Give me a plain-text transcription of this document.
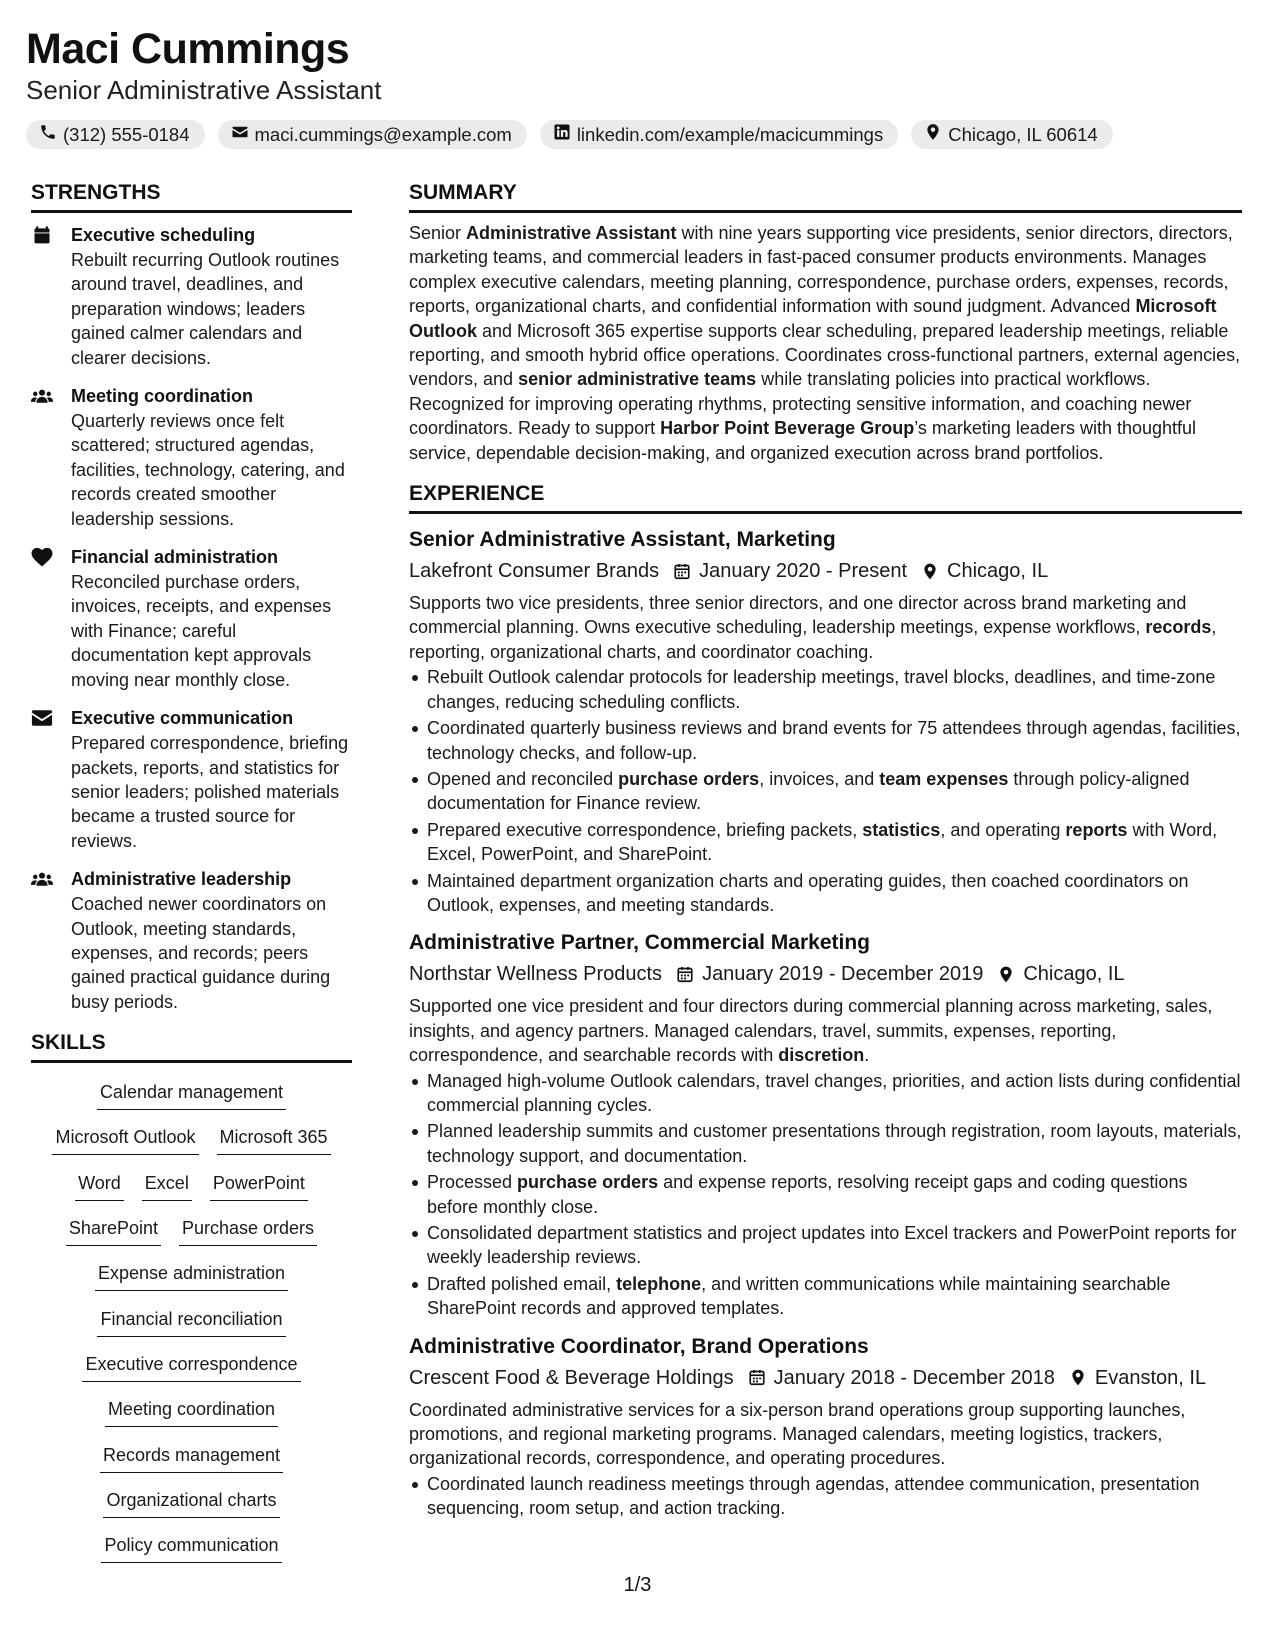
Maci Cummings
Senior Administrative Assistant
(312) 555-0184	maci.cummings@example.com	linkedin.com/example/macicummings	Chicago, IL 60614
STRENGTHS
Executive scheduling
Rebuilt recurring Outlook routines around travel, deadlines, and preparation windows; leaders gained calmer calendars and clearer decisions.
Meeting coordination
Quarterly reviews once felt scattered; structured agendas, facilities, technology, catering, and records created smoother leadership sessions.
Financial administration
Reconciled purchase orders, invoices, receipts, and expenses with Finance; careful documentation kept approvals moving near monthly close.
Executive communication
Prepared correspondence, briefing packets, reports, and statistics for senior leaders; polished materials became a trusted source for reviews.
Administrative leadership
Coached newer coordinators on Outlook, meeting standards, expenses, and records; peers gained practical guidance during busy periods.
SKILLS
Calendar management
Microsoft Outlook Microsoft 365
Word Excel PowerPoint
SharePoint Purchase orders
Expense administration
Financial reconciliation
Executive correspondence
Meeting coordination
Records management
Organizational charts
Policy communication
SUMMARY
Senior Administrative Assistant with nine years supporting vice presidents, senior directors, directors, marketing teams, and commercial leaders in fast-paced consumer products environments. Manages complex executive calendars, meeting planning, correspondence, purchase orders, expenses, records, reports, organizational charts, and confidential information with sound judgment. Advanced Microsoft Outlook and Microsoft 365 expertise supports clear scheduling, prepared leadership meetings, reliable reporting, and smooth hybrid office operations. Coordinates cross-functional partners, external agencies, vendors, and senior administrative teams while translating policies into practical workflows. Recognized for improving operating rhythms, protecting sensitive information, and coaching newer coordinators. Ready to support Harbor Point Beverage Group’s marketing leaders with thoughtful service, dependable decision-making, and organized execution across brand portfolios.
EXPERIENCE
Senior Administrative Assistant, Marketing
Lakefront Consumer Brands January 2020 - Present Chicago, IL
Supports two vice presidents, three senior directors, and one director across brand marketing and commercial planning. Owns executive scheduling, leadership meetings, expense workflows, records, reporting, organizational charts, and coordinator coaching.
Rebuilt Outlook calendar protocols for leadership meetings, travel blocks, deadlines, and time-zone changes, reducing scheduling conflicts.
Coordinated quarterly business reviews and brand events for 75 attendees through agendas, facilities, technology checks, and follow-up.
Opened and reconciled purchase orders, invoices, and team expenses through policy-aligned documentation for Finance review.
Prepared executive correspondence, briefing packets, statistics, and operating reports with Word, Excel, PowerPoint, and SharePoint.
Maintained department organization charts and operating guides, then coached coordinators on Outlook, expenses, and meeting standards.
Administrative Partner, Commercial Marketing
Northstar Wellness Products January 2019 - December 2019 Chicago, IL
Supported one vice president and four directors during commercial planning across marketing, sales, insights, and agency partners. Managed calendars, travel, summits, expenses, reporting, correspondence, and searchable records with discretion.
Managed high-volume Outlook calendars, travel changes, priorities, and action lists during confidential commercial planning cycles.
Planned leadership summits and customer presentations through registration, room layouts, materials, technology support, and documentation.
Processed purchase orders and expense reports, resolving receipt gaps and coding questions before monthly close.
Consolidated department statistics and project updates into Excel trackers and PowerPoint reports for weekly leadership reviews.
Drafted polished email, telephone, and written communications while maintaining searchable SharePoint records and approved templates.
Administrative Coordinator, Brand Operations
Crescent Food & Beverage Holdings January 2018 - December 2018 Evanston, IL
Coordinated administrative services for a six-person brand operations group supporting launches, promotions, and regional marketing programs. Managed calendars, meeting logistics, trackers, organizational records, correspondence, and operating procedures.
Coordinated launch readiness meetings through agendas, attendee communication, presentation sequencing, room setup, and action tracking.
1/3
